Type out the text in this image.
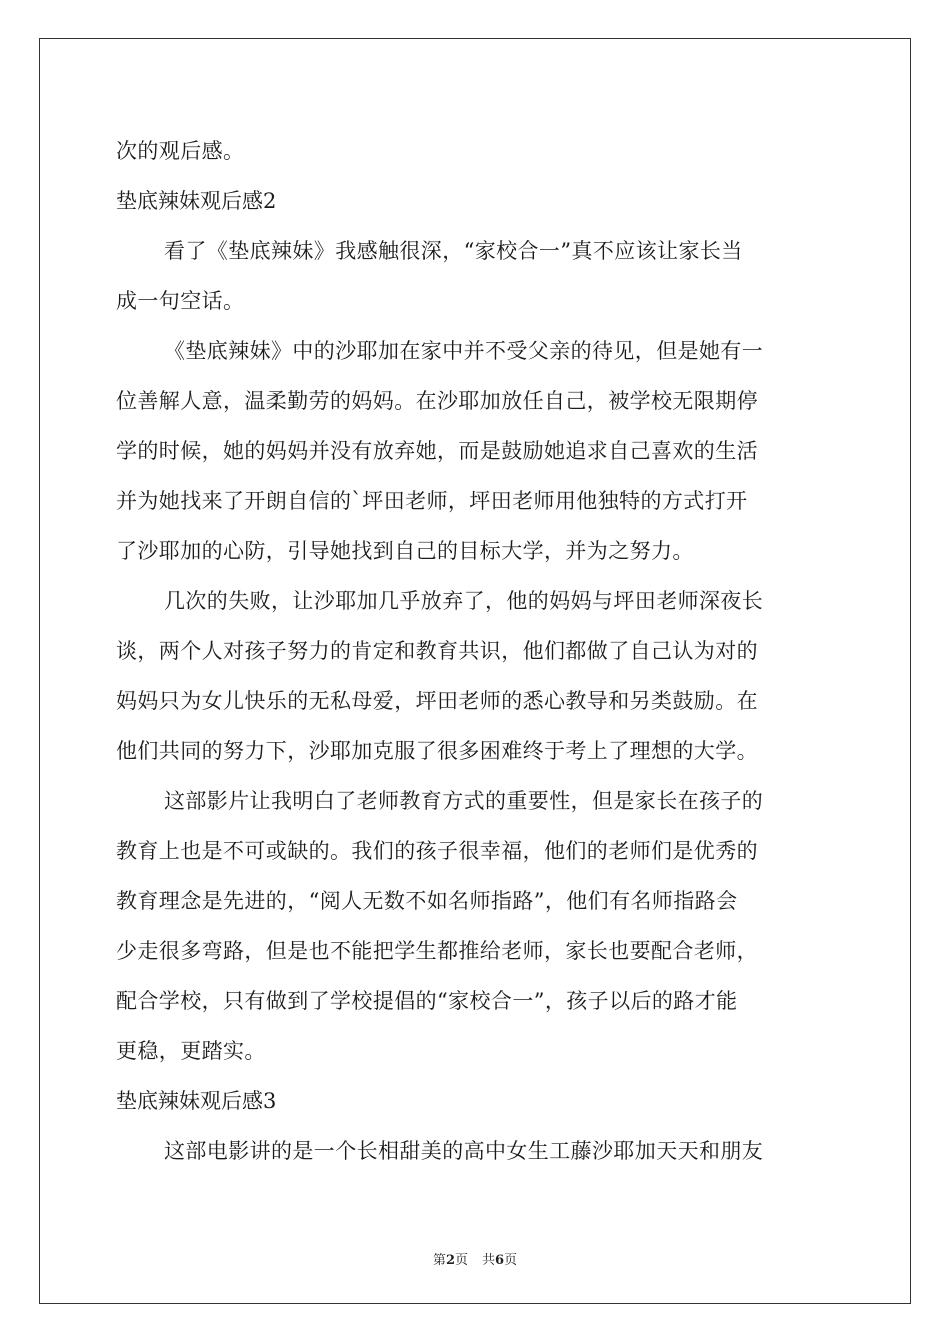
次的观后感。
垫底辣妹观后感2
看了《垫底辣妹》我感触很深，“家校合一”真不应该让家长当
成一句空话。
《垫底辣妹》中的沙耶加在家中并不受父亲的待见，但是她有一
位善解人意，温柔勤劳的妈妈。在沙耶加放任自己，被学校无限期停
学的时候，她的妈妈并没有放弃她，而是鼓励她追求自己喜欢的生活
并为她找来了开朗自信的`坪田老师，坪田老师用他独特的方式打开
了沙耶加的心防，引导她找到自己的目标大学，并为之努力。
几次的失败，让沙耶加几乎放弃了，他的妈妈与坪田老师深夜长
谈，两个人对孩子努力的肯定和教育共识，他们都做了自己认为对的
妈妈只为女儿快乐的无私母爱，坪田老师的悉心教导和另类鼓励。在
他们共同的努力下，沙耶加克服了很多困难终于考上了理想的大学。
这部影片让我明白了老师教育方式的重要性，但是家长在孩子的
教育上也是不可或缺的。我们的孩子很幸福，他们的老师们是优秀的
教育理念是先进的，“阅人无数不如名师指路”，他们有名师指路会
少走很多弯路，但是也不能把学生都推给老师，家长也要配合老师，
配合学校，只有做到了学校提倡的“家校合一”，孩子以后的路才能
更稳，更踏实。
垫底辣妹观后感3
这部电影讲的是一个长相甜美的高中女生工藤沙耶加天天和朋友
第2页 共6页
